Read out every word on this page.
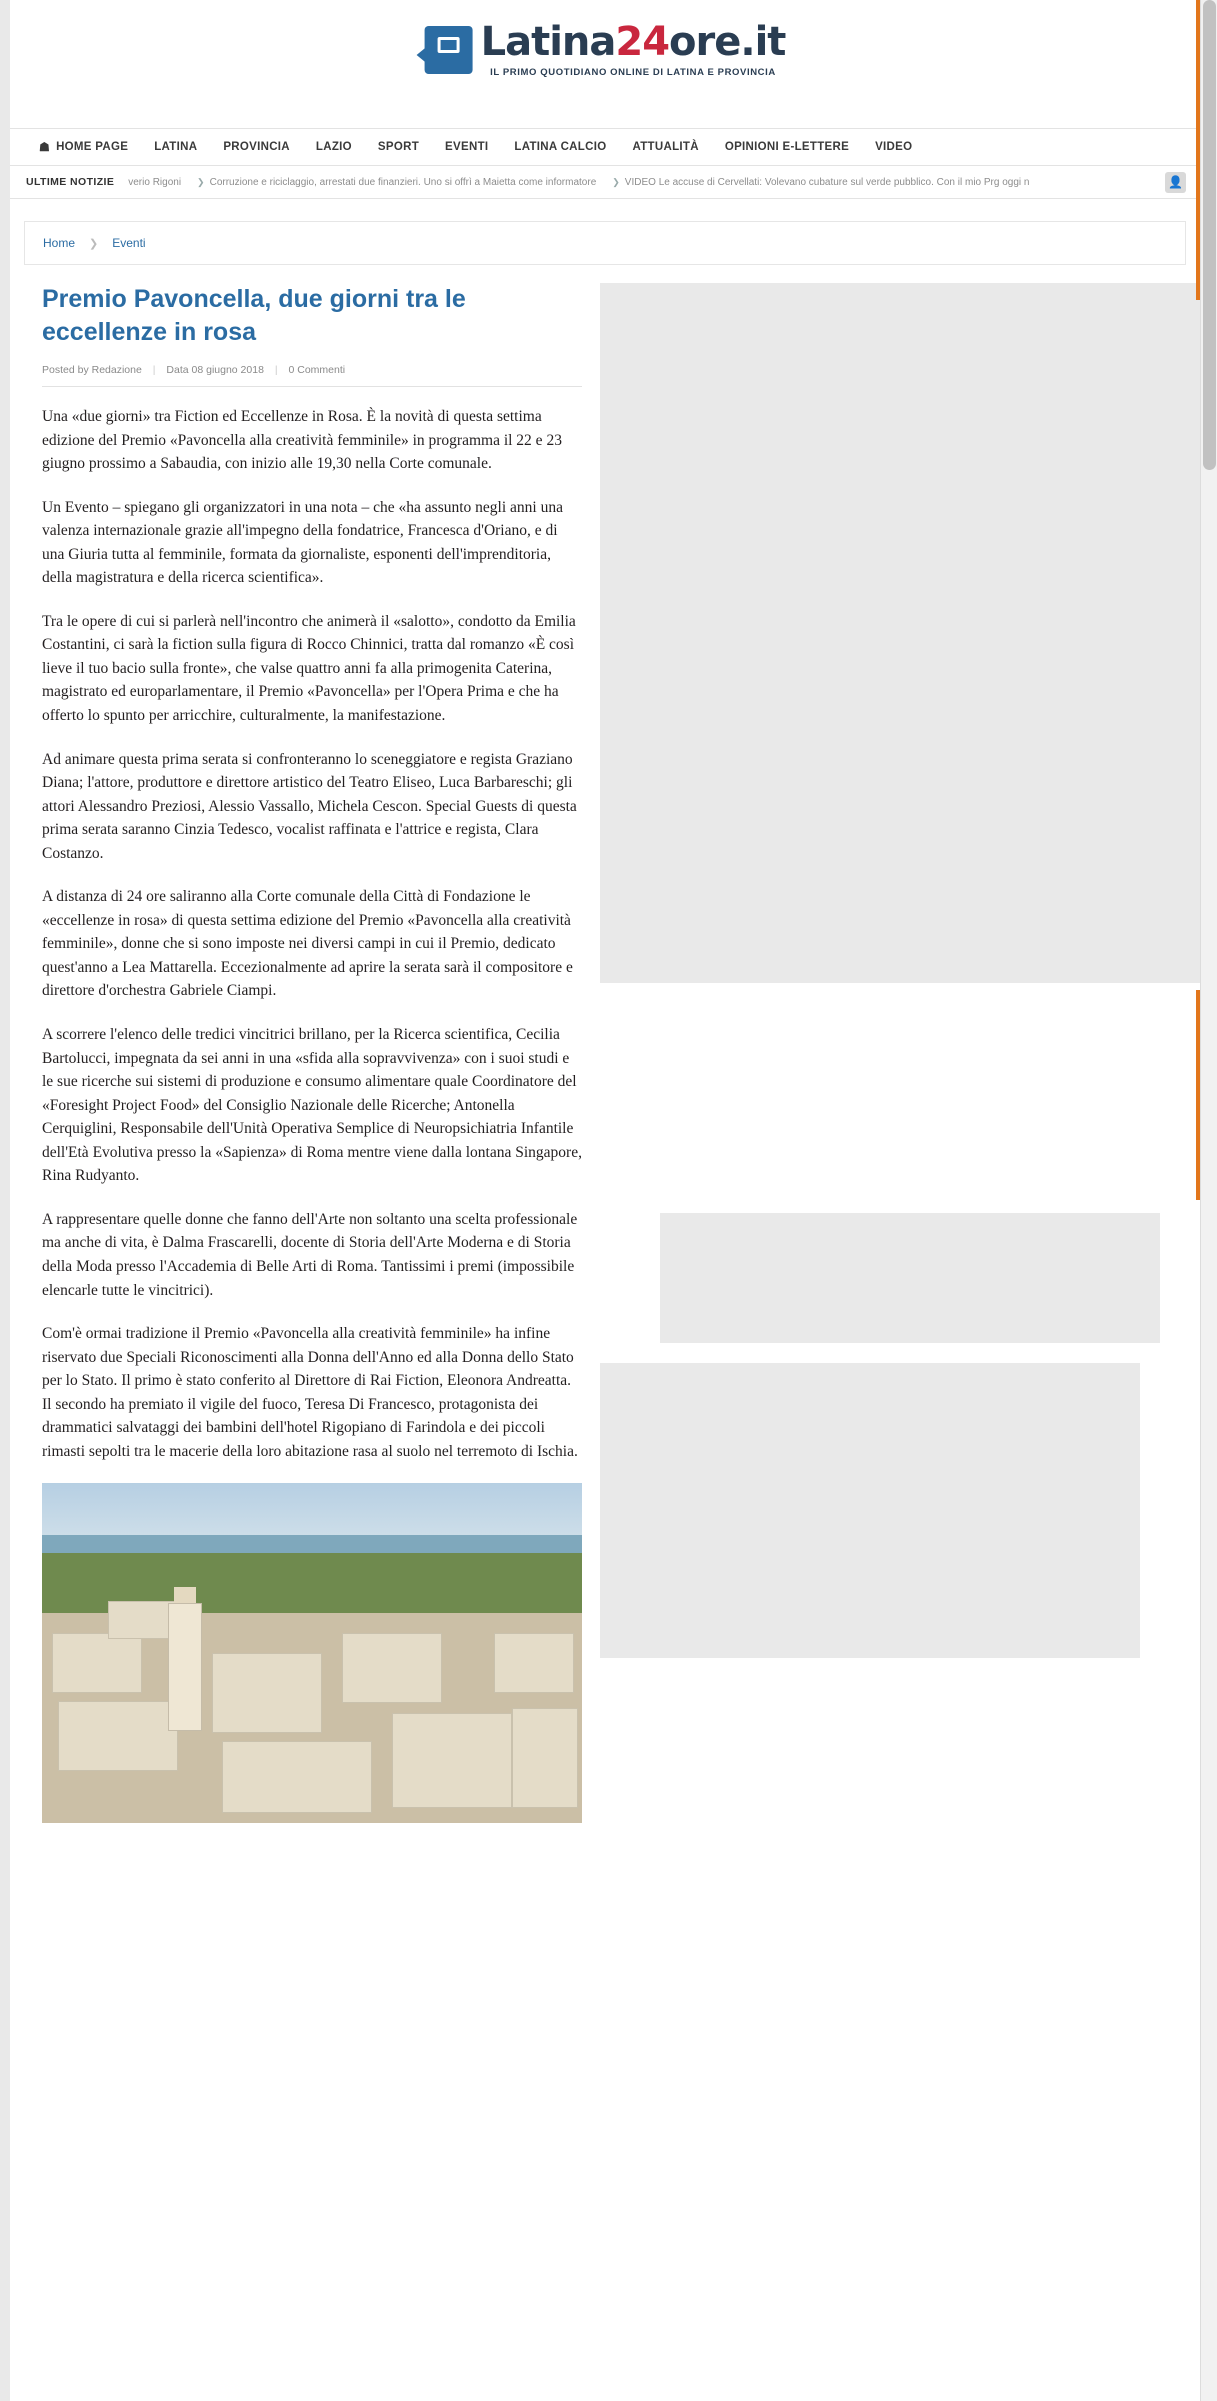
Latina24ore.it
IL PRIMO QUOTIDIANO ONLINE DI LATINA E PROVINCIA
☗ HOME PAGE LATINA PROVINCIA LAZIO SPORT EVENTI LATINA CALCIO ATTUALITÀ OPINIONI E-LETTERE VIDEO
ULTIME NOTIZIE verio Rigoni ❯ Corruzione e riciclaggio, arrestati due finanzieri. Uno si offrì a Maietta come informatore ❯ VIDEO Le accuse di Cervellati: Volevano cubature sul verde pubblico. Con il mio Prg oggi n	👤
Home ❯ Eventi
Premio Pavoncella, due giorni tra le eccellenze in rosa
Posted by Redazione | Data 08 giugno 2018 | 0 Commenti

Una «due giorni» tra Fiction ed Eccellenze in Rosa. È la novità di questa settima edizione del Premio «Pavoncella alla creatività femminile» in programma il 22 e 23 giugno prossimo a Sabaudia, con inizio alle 19,30 nella Corte comunale.

Un Evento – spiegano gli organizzatori in una nota – che «ha assunto negli anni una valenza internazionale grazie all'impegno della fondatrice, Francesca d'Oriano, e di una Giuria tutta al femminile, formata da giornaliste, esponenti dell'imprenditoria, della magistratura e della ricerca scientifica».

Tra le opere di cui si parlerà nell'incontro che animerà il «salotto», condotto da Emilia Costantini, ci sarà la fiction sulla figura di Rocco Chinnici, tratta dal romanzo «È così lieve il tuo bacio sulla fronte», che valse quattro anni fa alla primogenita Caterina, magistrato ed europarlamentare, il Premio «Pavoncella» per l'Opera Prima e che ha offerto lo spunto per arricchire, culturalmente, la manifestazione.

Ad animare questa prima serata si confronteranno lo sceneggiatore e regista Graziano Diana; l'attore, produttore e direttore artistico del Teatro Eliseo, Luca Barbareschi; gli attori Alessandro Preziosi, Alessio Vassallo, Michela Cescon. Special Guests di questa prima serata saranno Cinzia Tedesco, vocalist raffinata e l'attrice e regista, Clara Costanzo.

A distanza di 24 ore saliranno alla Corte comunale della Città di Fondazione le «eccellenze in rosa» di questa settima edizione del Premio «Pavoncella alla creatività femminile», donne che si sono imposte nei diversi campi in cui il Premio, dedicato quest'anno a Lea Mattarella. Eccezionalmente ad aprire la serata sarà il compositore e direttore d'orchestra Gabriele Ciampi.

A scorrere l'elenco delle tredici vincitrici brillano, per la Ricerca scientifica, Cecilia Bartolucci, impegnata da sei anni in una «sfida alla sopravvivenza» con i suoi studi e le sue ricerche sui sistemi di produzione e consumo alimentare quale Coordinatore del «Foresight Project Food» del Consiglio Nazionale delle Ricerche; Antonella Cerquiglini, Responsabile dell'Unità Operativa Semplice di Neuropsichiatria Infantile dell'Età Evolutiva presso la «Sapienza» di Roma mentre viene dalla lontana Singapore, Rina Rudyanto.

A rappresentare quelle donne che fanno dell'Arte non soltanto una scelta professionale ma anche di vita, è Dalma Frascarelli, docente di Storia dell'Arte Moderna e di Storia della Moda presso l'Accademia di Belle Arti di Roma. Tantissimi i premi (impossibile elencarle tutte le vincitrici).

Com'è ormai tradizione il Premio «Pavoncella alla creatività femminile» ha infine riservato due Speciali Riconoscimenti alla Donna dell'Anno ed alla Donna dello Stato per lo Stato. Il primo è stato conferito al Direttore di Rai Fiction, Eleonora Andreatta. Il secondo ha premiato il vigile del fuoco, Teresa Di Francesco, protagonista dei drammatici salvataggi dei bambini dell'hotel Rigopiano di Farindola e dei piccoli rimasti sepolti tra le macerie della loro abitazione rasa al suolo nel terremoto di Ischia.
